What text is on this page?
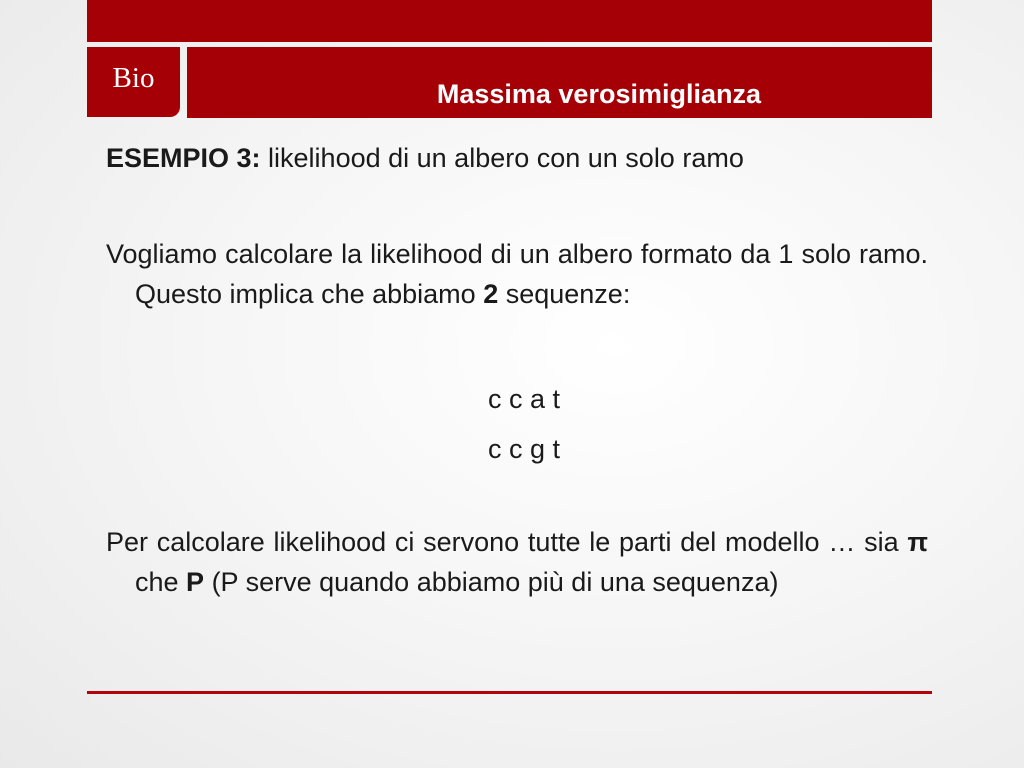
Bio
Massima verosimiglianza

ESEMPIO 3: likelihood di un albero con un solo ramo

Vogliamo calcolare la likelihood di un albero formato da 1 solo ramo. Questo implica che abbiamo 2 sequenze:

c c a t
c c g t

Per calcolare likelihood ci servono tutte le parti del modello … sia π che P (P serve quando abbiamo più di una sequenza)
